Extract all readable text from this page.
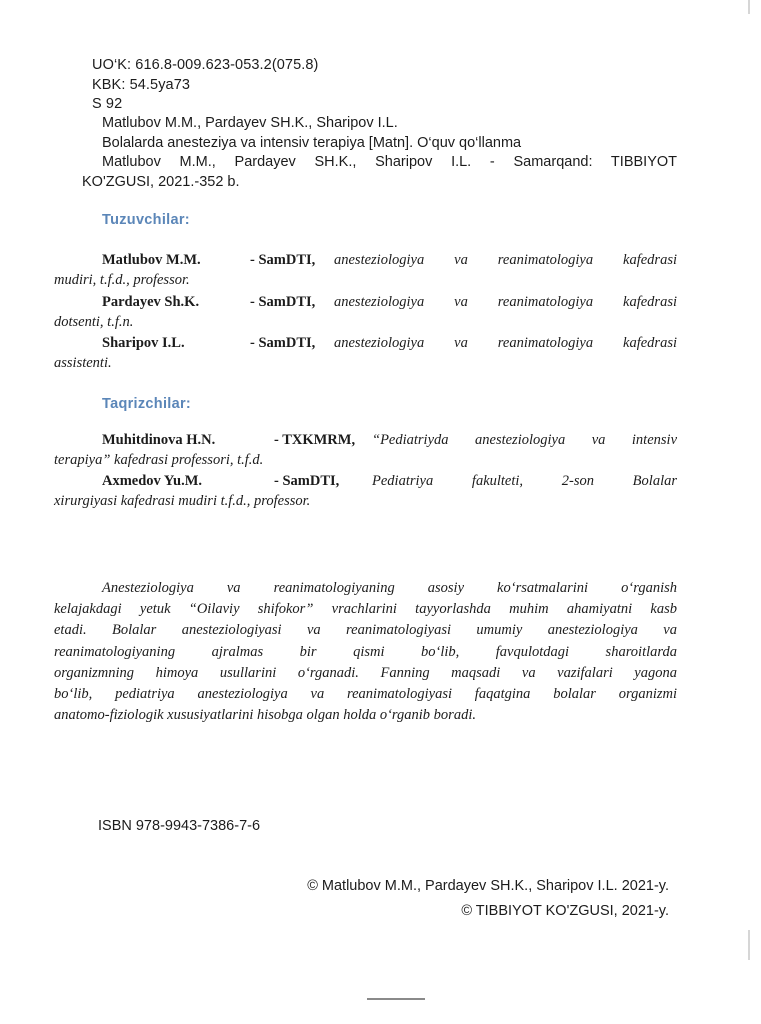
UO‘K: 616.8-009.623-053.2(075.8)
KBK: 54.5ya73
S 92
Matlubov M.M., Pardayev SH.K., Sharipov I.L.
Bolalarda anesteziya va intensiv terapiya [Matn]. O‘quv qo‘llanma
Matlubov M.M., Pardayev SH.K., Sharipov I.L. - Samarqand: TIBBIYOT
KO'ZGUSI, 2021.-352 b.
Tuzuvchilar:
Matlubov M.M.	- SamDTI,	anesteziologiya va reanimatologiya kafedrasi
mudiri, t.f.d., professor.
Pardayev Sh.K.	- SamDTI,	anesteziologiya va reanimatologiya kafedrasi
dotsenti, t.f.n.
Sharipov I.L.	- SamDTI,	anesteziologiya va reanimatologiya kafedrasi
assistenti.
Taqrizchilar:
Muhitdinova H.N.	- TXKMRM,	“Pediatriyda anesteziologiya va intensiv
terapiya” kafedrasi professori, t.f.d.
Axmedov Yu.M.	- SamDTI,	Pediatriya fakulteti, 2-son Bolalar
xirurgiyasi kafedrasi mudiri t.f.d., professor.
Anesteziologiya va reanimatologiyaning asosiy ko‘rsatmalarini o‘rganish
kelajakdagi yetuk “Oilaviy shifokor” vrachlarini tayyorlashda muhim ahamiyatni kasb
etadi. Bolalar anesteziologiyasi va reanimatologiyasi umumiy anesteziologiya va
reanimatologiyaning ajralmas bir qismi bo‘lib, favqulotdagi sharoitlarda
organizmning himoya usullarini o‘rganadi. Fanning maqsadi va vazifalari yagona
bo‘lib, pediatriya anesteziologiya va reanimatologiyasi faqatgina bolalar organizmi
anatomo-fiziologik xususiyatlarini hisobga olgan holda o‘rganib boradi.
ISBN 978-9943-7386-7-6
© Matlubov M.M., Pardayev SH.K., Sharipov I.L. 2021-y.
© TIBBIYOT KO'ZGUSI, 2021-y.
